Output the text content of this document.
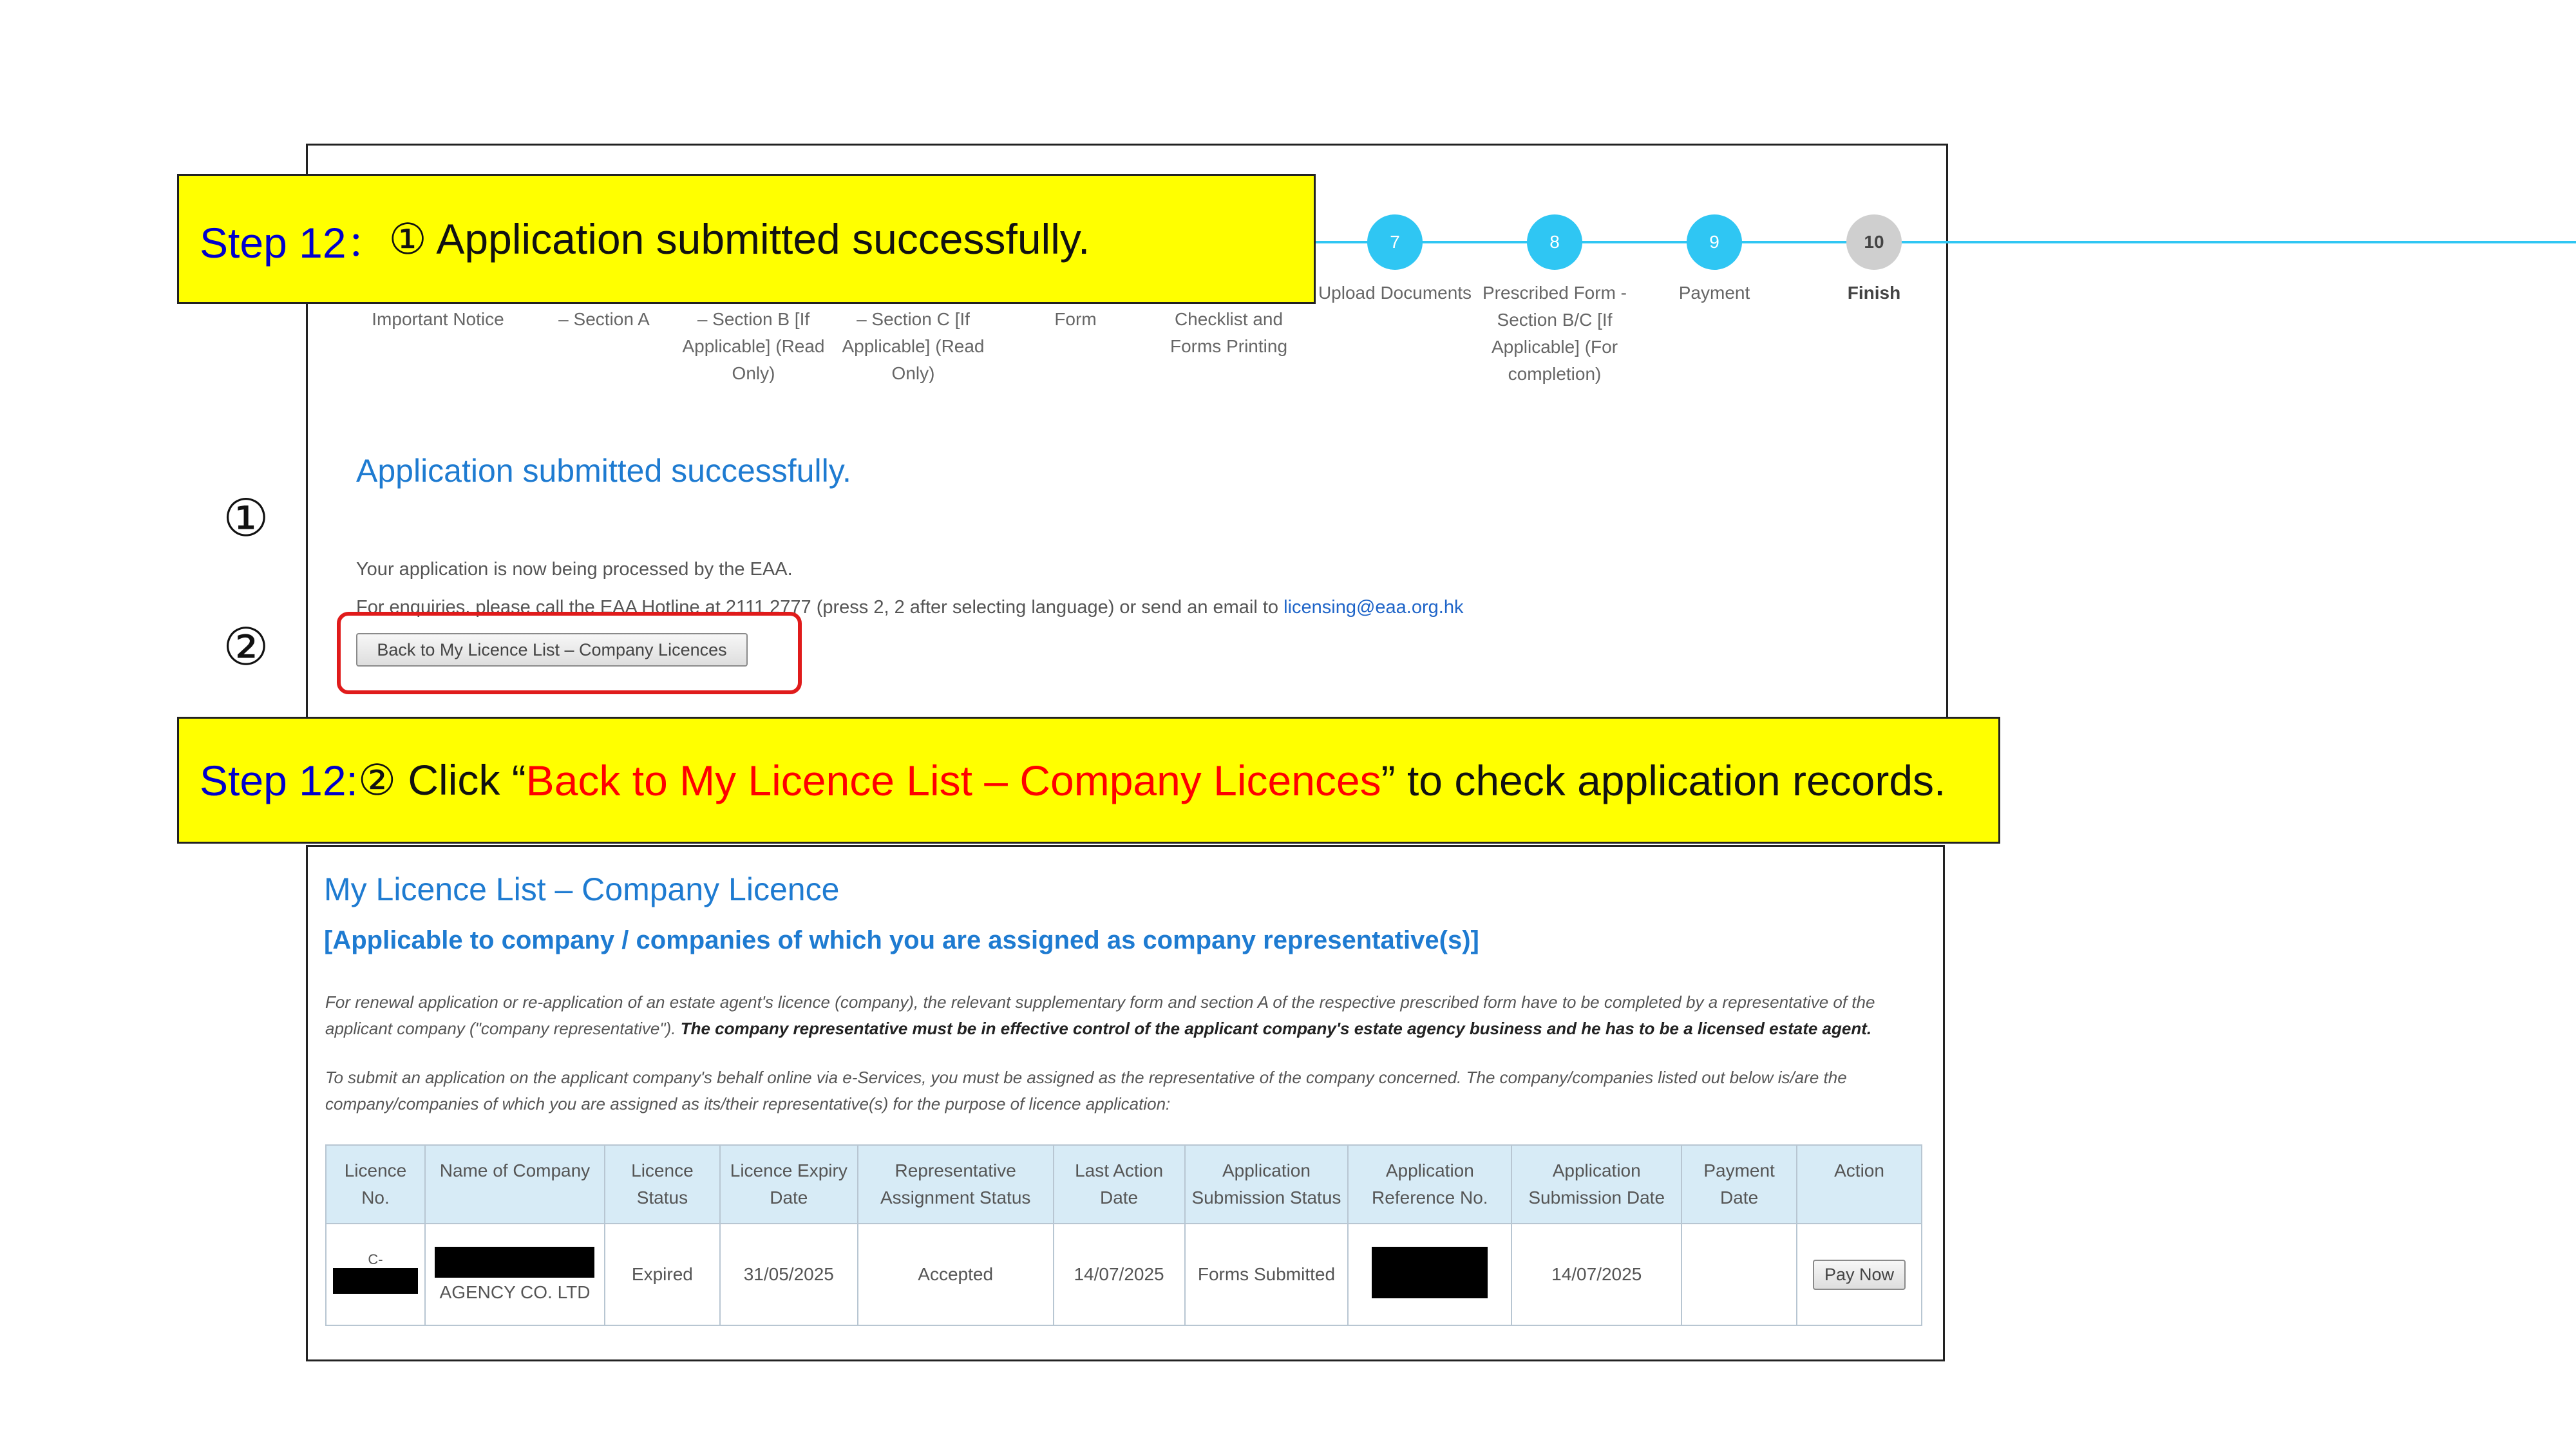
7	8	9	10
Upload Documents Prescribed Form - Section B/C [If Applicable] (For completion)
Payment	Finish
Important Notice	– Section A	– Section B [If Applicable] (Read Only)
– Section C [If Applicable] (Read Only)
Form	Checklist and Forms Printing
Step 12： ① Application submitted successfully.
Application submitted successfully.
Your application is now being processed by the EAA.
For enquiries, please call the EAA Hotline at 2111 2777 (press 2, 2 after selecting language) or send an email to licensing@eaa.org.hk
Back to My Licence List – Company Licences
①
②
Step 12: ② Click “ Back to My Licence List – Company Licences ” to check application records.
My Licence List – Company Licence
[Applicable to company / companies of which you are assigned as company representative(s)]
For renewal application or re-application of an estate agent's licence (company), the relevant supplementary form and section A of the respective prescribed form have to be completed by a representative of the applicant company ("company representative"). The company representative must be in effective control of the applicant company's estate agency business and he has to be a licensed estate agent.
To submit an application on the applicant company's behalf online via e-Services, you must be assigned as the representative of the company concerned. The company/companies listed out below is/are the company/companies of which you are assigned as its/their representative(s) for the purpose of licence application:
Licence No.	Name of Company	Licence Status	Licence Expiry Date	Representative Assignment Status	Last Action Date	Application Submission Status	Application Reference No.	Application Submission Date	Payment Date	Action

C-	AGENCY CO. LTD	Expired	31/05/2025	Accepted	14/07/2025	Forms Submitted		14/07/2025		Pay Now
